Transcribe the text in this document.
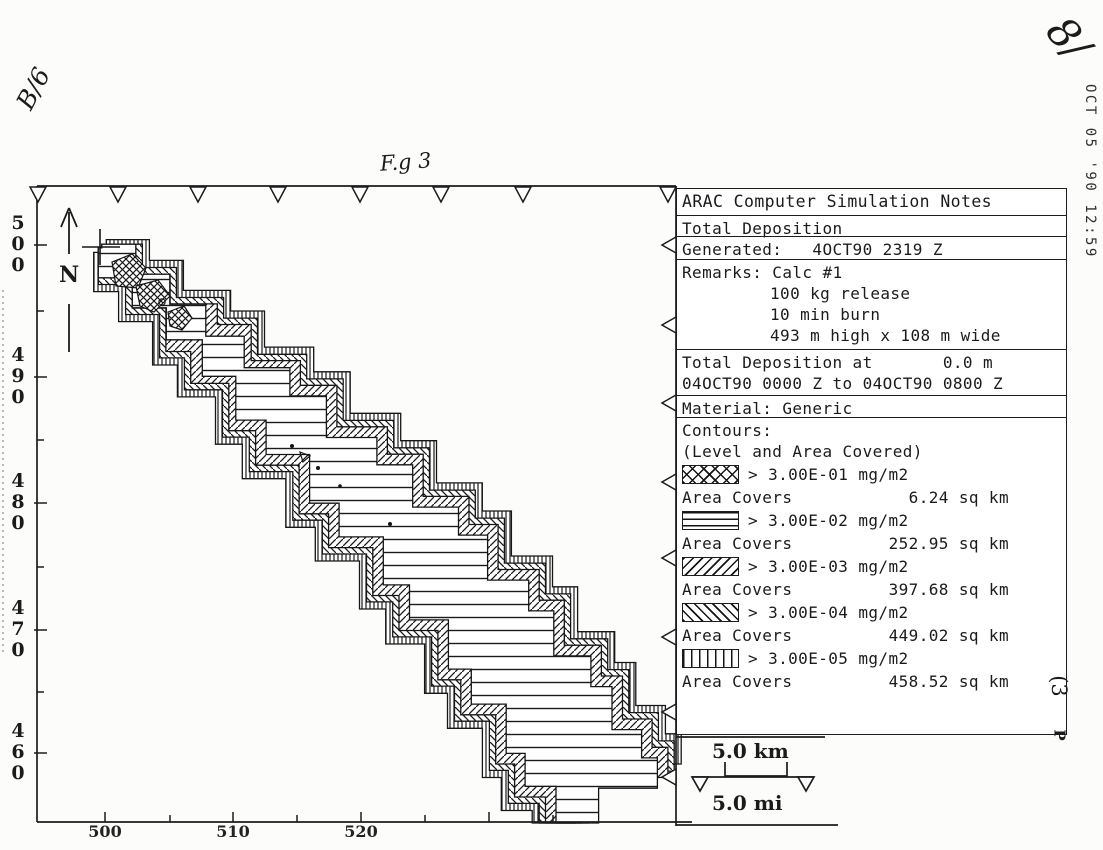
500
490
480
470
460
500	510	520
N
F.g 3
ARAC Computer Simulation Notes
Total Deposition
Generated:   4OCT90 2319 Z
Remarks: Calc #1
100 kg release
10 min burn
493 m high x 108 m wide
Total Deposition at       0.0 m
04OCT90 0000 Z to 04OCT90 0800 Z
Material: Generic
Contours:
(Level and Area Covered)
> 3.00E-01 mg/m2
Area Covers	6.24 sq km
> 3.00E-02 mg/m2
Area Covers	252.95 sq km
> 3.00E-03 mg/m2
Area Covers	397.68 sq km
> 3.00E-04 mg/m2
Area Covers	449.02 sq km
> 3.00E-05 mg/m2
Area Covers	458.52 sq km
5.0 km
5.0 mi
B/6
8/
OCT 05 '90 12:59
(3
P
